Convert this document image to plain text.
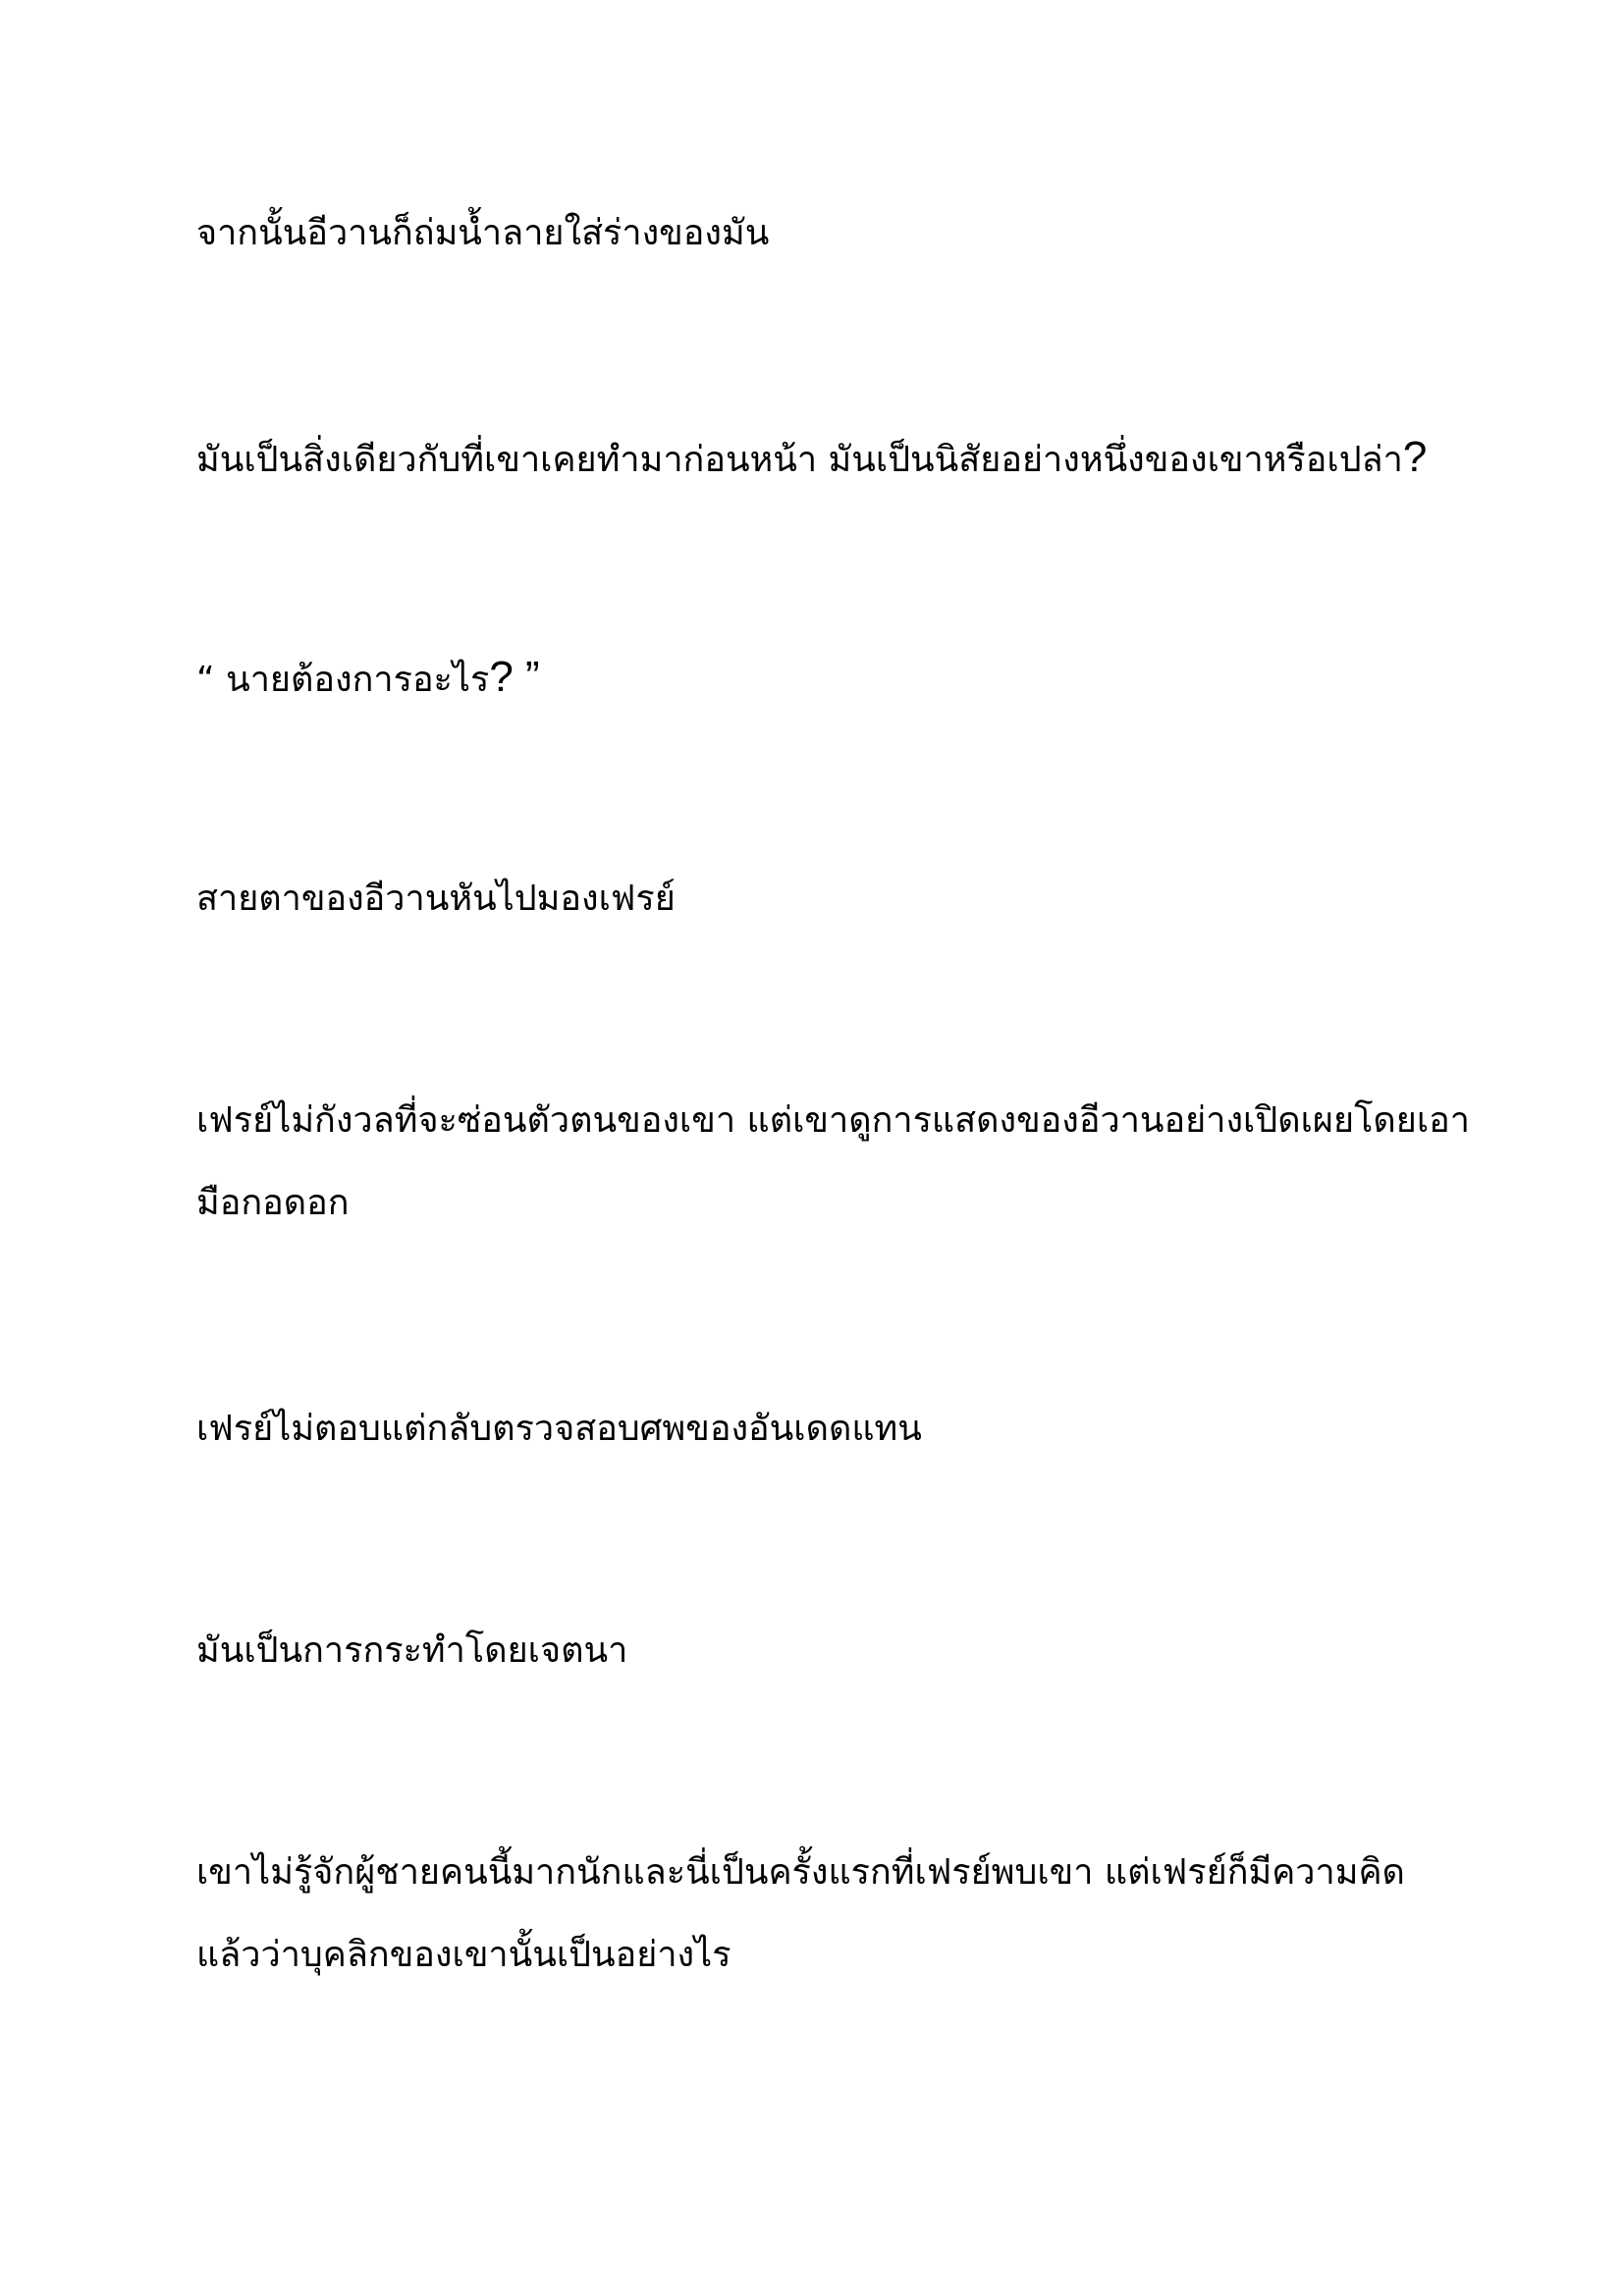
จากนั้นอีวานก็ถ่มน้ำลายใส่ร่างของมัน

มันเป็นสิ่งเดียวกับที่เขาเคยทำมาก่อนหน้า มันเป็นนิสัยอย่างหนึ่งของเขาหรือเปล่า?

“ นายต้องการอะไร? ”

สายตาของอีวานหันไปมองเฟรย์

เฟรย์ไม่กังวลที่จะซ่อนตัวตนของเขา แต่เขาดูการแสดงของอีวานอย่างเปิดเผยโดยเอา
มือกอดอก

เฟรย์ไม่ตอบแต่กลับตรวจสอบศพของอันเดดแทน

มันเป็นการกระทำโดยเจตนา

เขาไม่รู้จักผู้ชายคนนี้มากนักและนี่เป็นครั้งแรกที่เฟรย์พบเขา แต่เฟรย์ก็มีความคิด
แล้วว่าบุคลิกของเขานั้นเป็นอย่างไร
